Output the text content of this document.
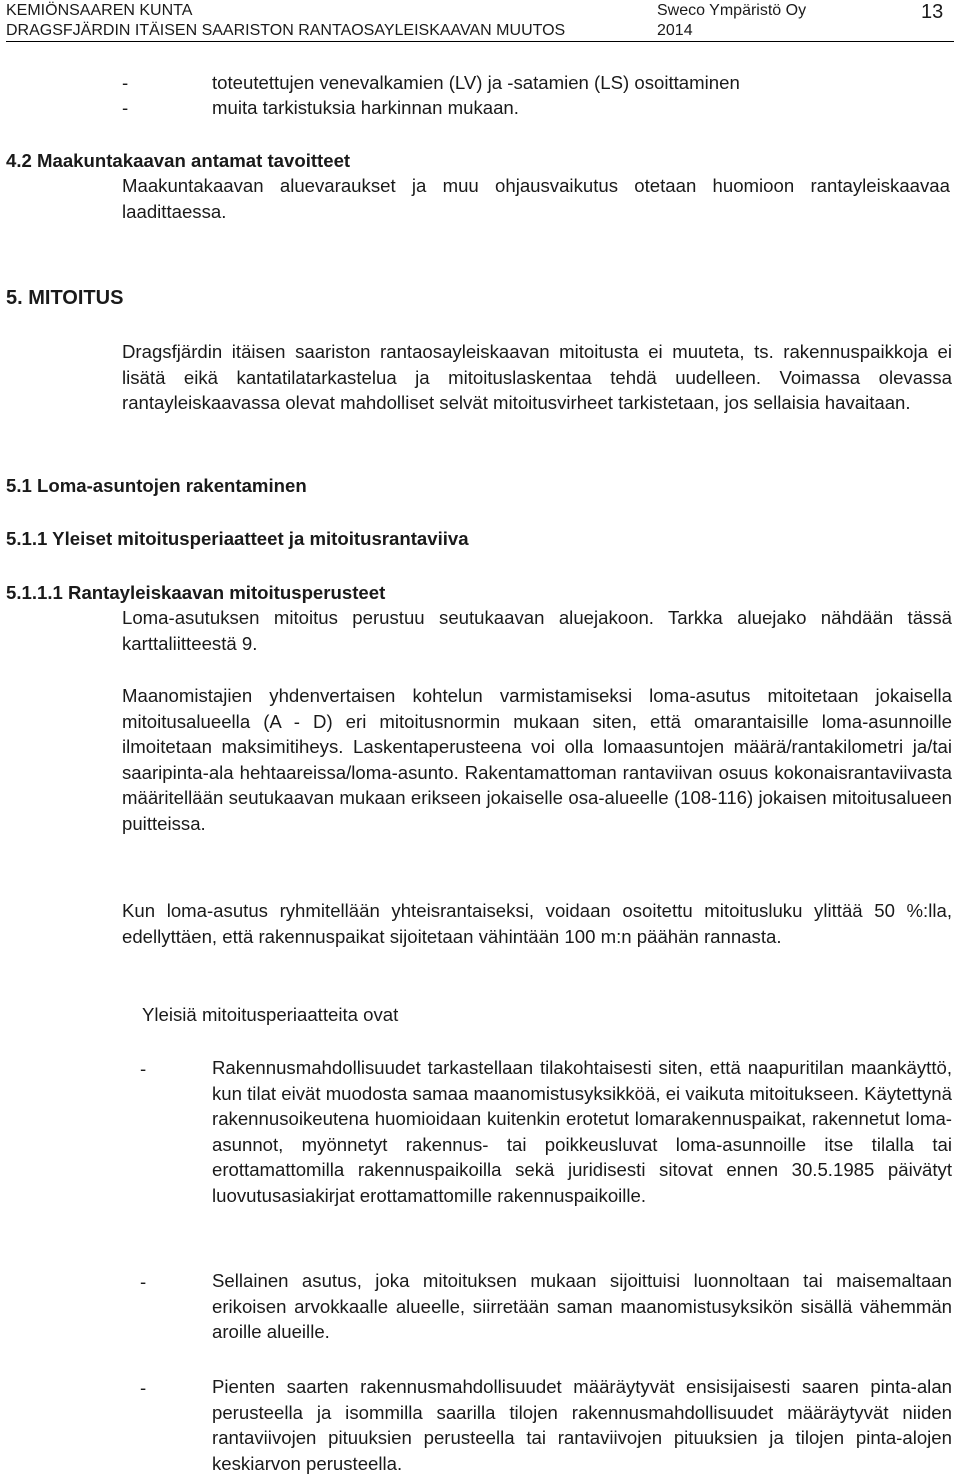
KEMIÖNSAAREN KUNTA
DRAGSFJÄRDIN ITÄISEN SAARISTON RANTAOSAYLEISKAAVAN MUUTOS
Sweco Ympäristö Oy
2014
13
-	toteutettujen venevalkamien (LV) ja -satamien (LS) osoittaminen
-	muita tarkistuksia harkinnan mukaan.
4.2 Maakuntakaavan antamat tavoitteet
Maakuntakaavan aluevaraukset ja muu ohjausvaikutus otetaan huomioon rantayleiskaavaa laadittaessa.
5. MITOITUS
Dragsfjärdin itäisen saariston rantaosayleiskaavan mitoitusta ei muuteta, ts. rakennuspaikkoja ei lisätä eikä kantatilatarkastelua ja mitoituslaskentaa tehdä uudelleen. Voimassa olevassa rantayleiskaavassa olevat mahdolliset selvät mitoitusvirheet tarkistetaan, jos sellaisia havaitaan.
5.1 Loma-asuntojen rakentaminen
5.1.1 Yleiset mitoitusperiaatteet ja mitoitusrantaviiva
5.1.1.1 Rantayleiskaavan mitoitusperusteet
Loma-asutuksen mitoitus perustuu seutukaavan aluejakoon. Tarkka aluejako nähdään tässä karttaliitteestä 9.
Maanomistajien yhdenvertaisen kohtelun varmistamiseksi loma-asutus mitoitetaan jokaisella mitoitusalueella (A - D) eri mitoitusnormin mukaan siten, että omarantaisille loma-asunnoille ilmoitetaan maksimitiheys. Laskentaperusteena voi olla lomaasuntojen määrä/rantakilometri ja/tai saaripinta-ala hehtaareissa/loma-asunto. Rakentamattoman rantaviivan osuus kokonaisrantaviivasta määritellään seutukaavan mukaan erikseen jokaiselle osa-alueelle (108-116) jokaisen mitoitusalueen puitteissa.
Kun loma-asutus ryhmitellään yhteisrantaiseksi, voidaan osoitettu mitoitusluku ylittää 50 %:lla, edellyttäen, että rakennuspaikat sijoitetaan vähintään 100 m:n päähän rannasta.
Yleisiä mitoitusperiaatteita ovat
-	Rakennusmahdollisuudet tarkastellaan tilakohtaisesti siten, että naapuritilan maankäyttö, kun tilat eivät muodosta samaa maanomistusyksikköä, ei vaikuta mitoitukseen. Käytettynä rakennusoikeutena huomioidaan kuitenkin erotetut lomarakennuspaikat, rakennetut loma-asunnot, myönnetyt rakennus- tai poikkeusluvat loma-asunnoille itse tilalla tai erottamattomilla rakennuspaikoilla sekä juridisesti sitovat ennen 30.5.1985 päivätyt luovutusasiakirjat erottamattomille rakennuspaikoille.
-	Sellainen asutus, joka mitoituksen mukaan sijoittuisi luonnoltaan tai maisemaltaan erikoisen arvokkaalle alueelle, siirretään saman maanomistusyksikön sisällä vähemmän aroille alueille.
-	Pienten saarten rakennusmahdollisuudet määräytyvät ensisijaisesti saaren pinta-alan perusteella ja isommilla saarilla tilojen rakennusmahdollisuudet määräytyvät niiden rantaviivojen pituuksien perusteella tai rantaviivojen pituuksien ja tilojen pinta-alojen keskiarvon perusteella.
